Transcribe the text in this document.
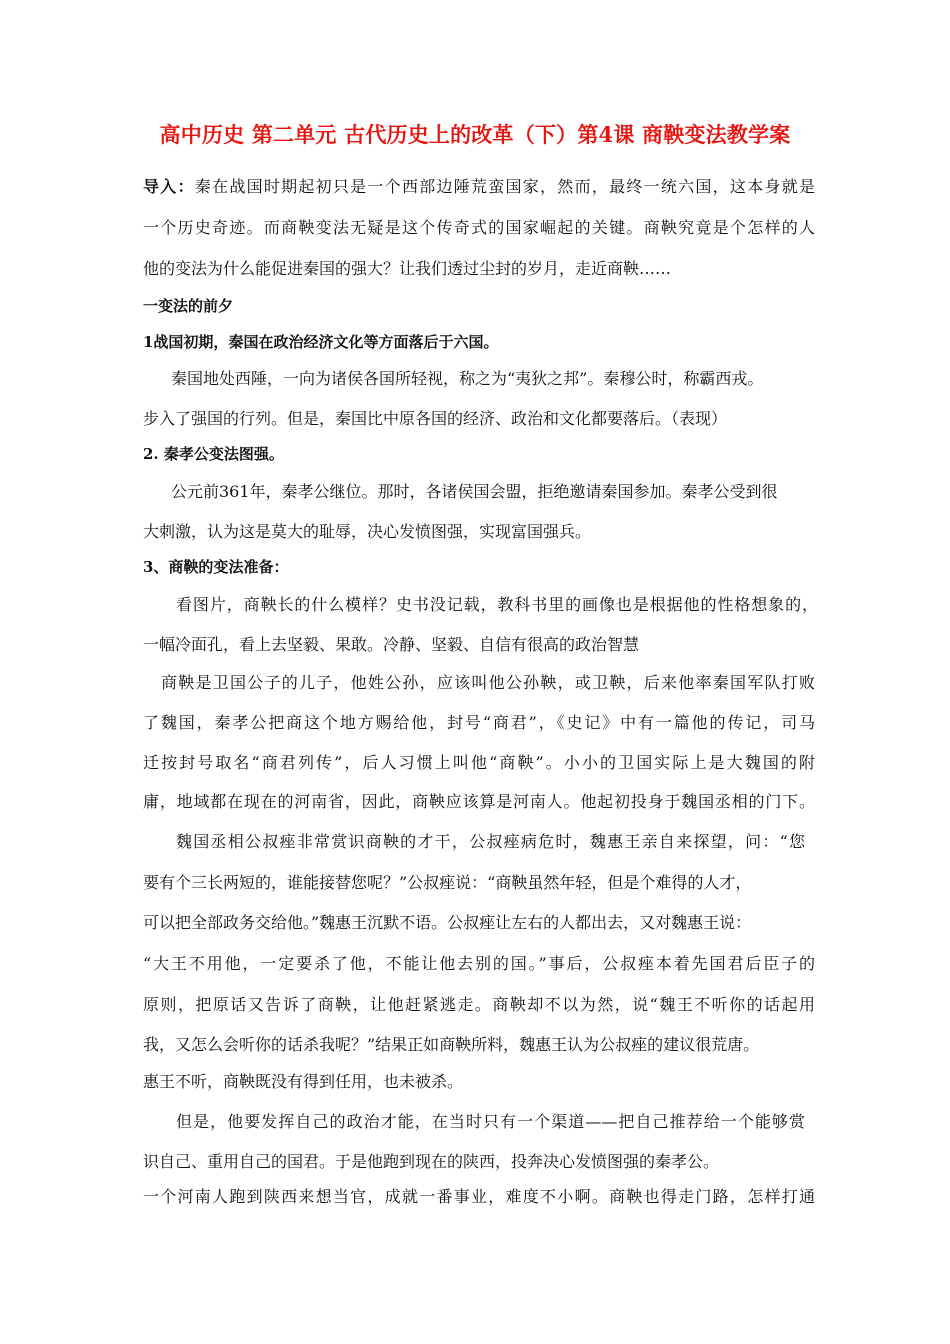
高中历史 第二单元 古代历史上的改革（下）第4课 商鞅变法教学案
导入：秦在战国时期起初只是一个西部边陲荒蛮国家，然而，最终一统六国，这本身就是
一个历史奇迹。而商鞅变法无疑是这个传奇式的国家崛起的关键。商鞅究竟是个怎样的人
他的变法为什么能促进秦国的强大？让我们透过尘封的岁月，走近商鞅……
一变法的前夕
1战国初期，秦国在政治经济文化等方面落后于六国。
秦国地处西陲，一向为诸侯各国所轻视，称之为“夷狄之邦”。秦穆公时，称霸西戎。
步入了强国的行列。但是，秦国比中原各国的经济、政治和文化都要落后。（表现）
2. 秦孝公变法图强。
公元前361年，秦孝公继位。那时，各诸侯国会盟，拒绝邀请秦国参加。秦孝公受到很
大刺激，认为这是莫大的耻辱，决心发愤图强，实现富国强兵。
3、商鞅的变法准备：
看图片，商鞅长的什么模样？史书没记载，教科书里的画像也是根据他的性格想象的，
一幅冷面孔，看上去坚毅、果敢。冷静、坚毅、自信有很高的政治智慧
商鞅是卫国公子的儿子，他姓公孙，应该叫他公孙鞅，或卫鞅，后来他率秦国军队打败
了魏国，秦孝公把商这个地方赐给他，封号“商君”，《史记》中有一篇他的传记，司马
迁按封号取名“商君列传”，后人习惯上叫他“商鞅”。小小的卫国实际上是大魏国的附
庸，地域都在现在的河南省，因此，商鞅应该算是河南人。他起初投身于魏国丞相的门下。
魏国丞相公叔痤非常赏识商鞅的才干，公叔痤病危时，魏惠王亲自来探望，问：“您
要有个三长两短的，谁能接替您呢？”公叔痤说：“商鞅虽然年轻，但是个难得的人才，
可以把全部政务交给他。”魏惠王沉默不语。公叔痤让左右的人都出去，又对魏惠王说：
“大王不用他，一定要杀了他，不能让他去别的国。”事后，公叔痤本着先国君后臣子的
原则，把原话又告诉了商鞅，让他赶紧逃走。商鞅却不以为然，说“魏王不听你的话起用
我，又怎么会听你的话杀我呢？”结果正如商鞅所料，魏惠王认为公叔痤的建议很荒唐。
惠王不听，商鞅既没有得到任用，也未被杀。
但是，他要发挥自己的政治才能，在当时只有一个渠道——把自己推荐给一个能够赏
识自己、重用自己的国君。于是他跑到现在的陕西，投奔决心发愤图强的秦孝公。
一个河南人跑到陕西来想当官，成就一番事业，难度不小啊。商鞅也得走门路，怎样打通
